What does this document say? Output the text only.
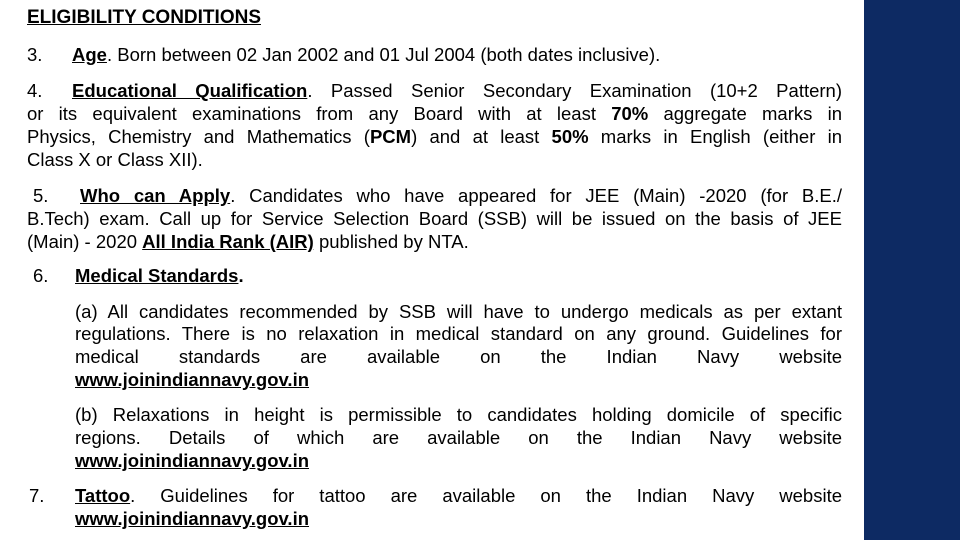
ELIGIBILITY CONDITIONS
3. Age. Born between 02 Jan 2002 and 01 Jul 2004 (both dates inclusive).
4. Educational Qualification. Passed Senior Secondary Examination (10+2 Pattern)
or its equivalent examinations from any Board with at least 70% aggregate marks in
Physics, Chemistry and Mathematics (PCM) and at least 50% marks in English (either in
Class X or Class XII).
5. Who can Apply. Candidates who have appeared for JEE (Main) -2020 (for B.E./
B.Tech) exam. Call up for Service Selection Board (SSB) will be issued on the basis of JEE
(Main) - 2020 All India Rank (AIR) published by NTA.
6. Medical Standards.
(a) All candidates recommended by SSB will have to undergo medicals as per extant
regulations. There is no relaxation in medical standard on any ground. Guidelines for
medical standards are available on the Indian Navy website
www.joinindiannavy.gov.in
(b) Relaxations in height is permissible to candidates holding domicile of specific
regions. Details of which are available on the Indian Navy website
www.joinindiannavy.gov.in
7. Tattoo. Guidelines for tattoo are available on the Indian Navy website
www.joinindiannavy.gov.in
